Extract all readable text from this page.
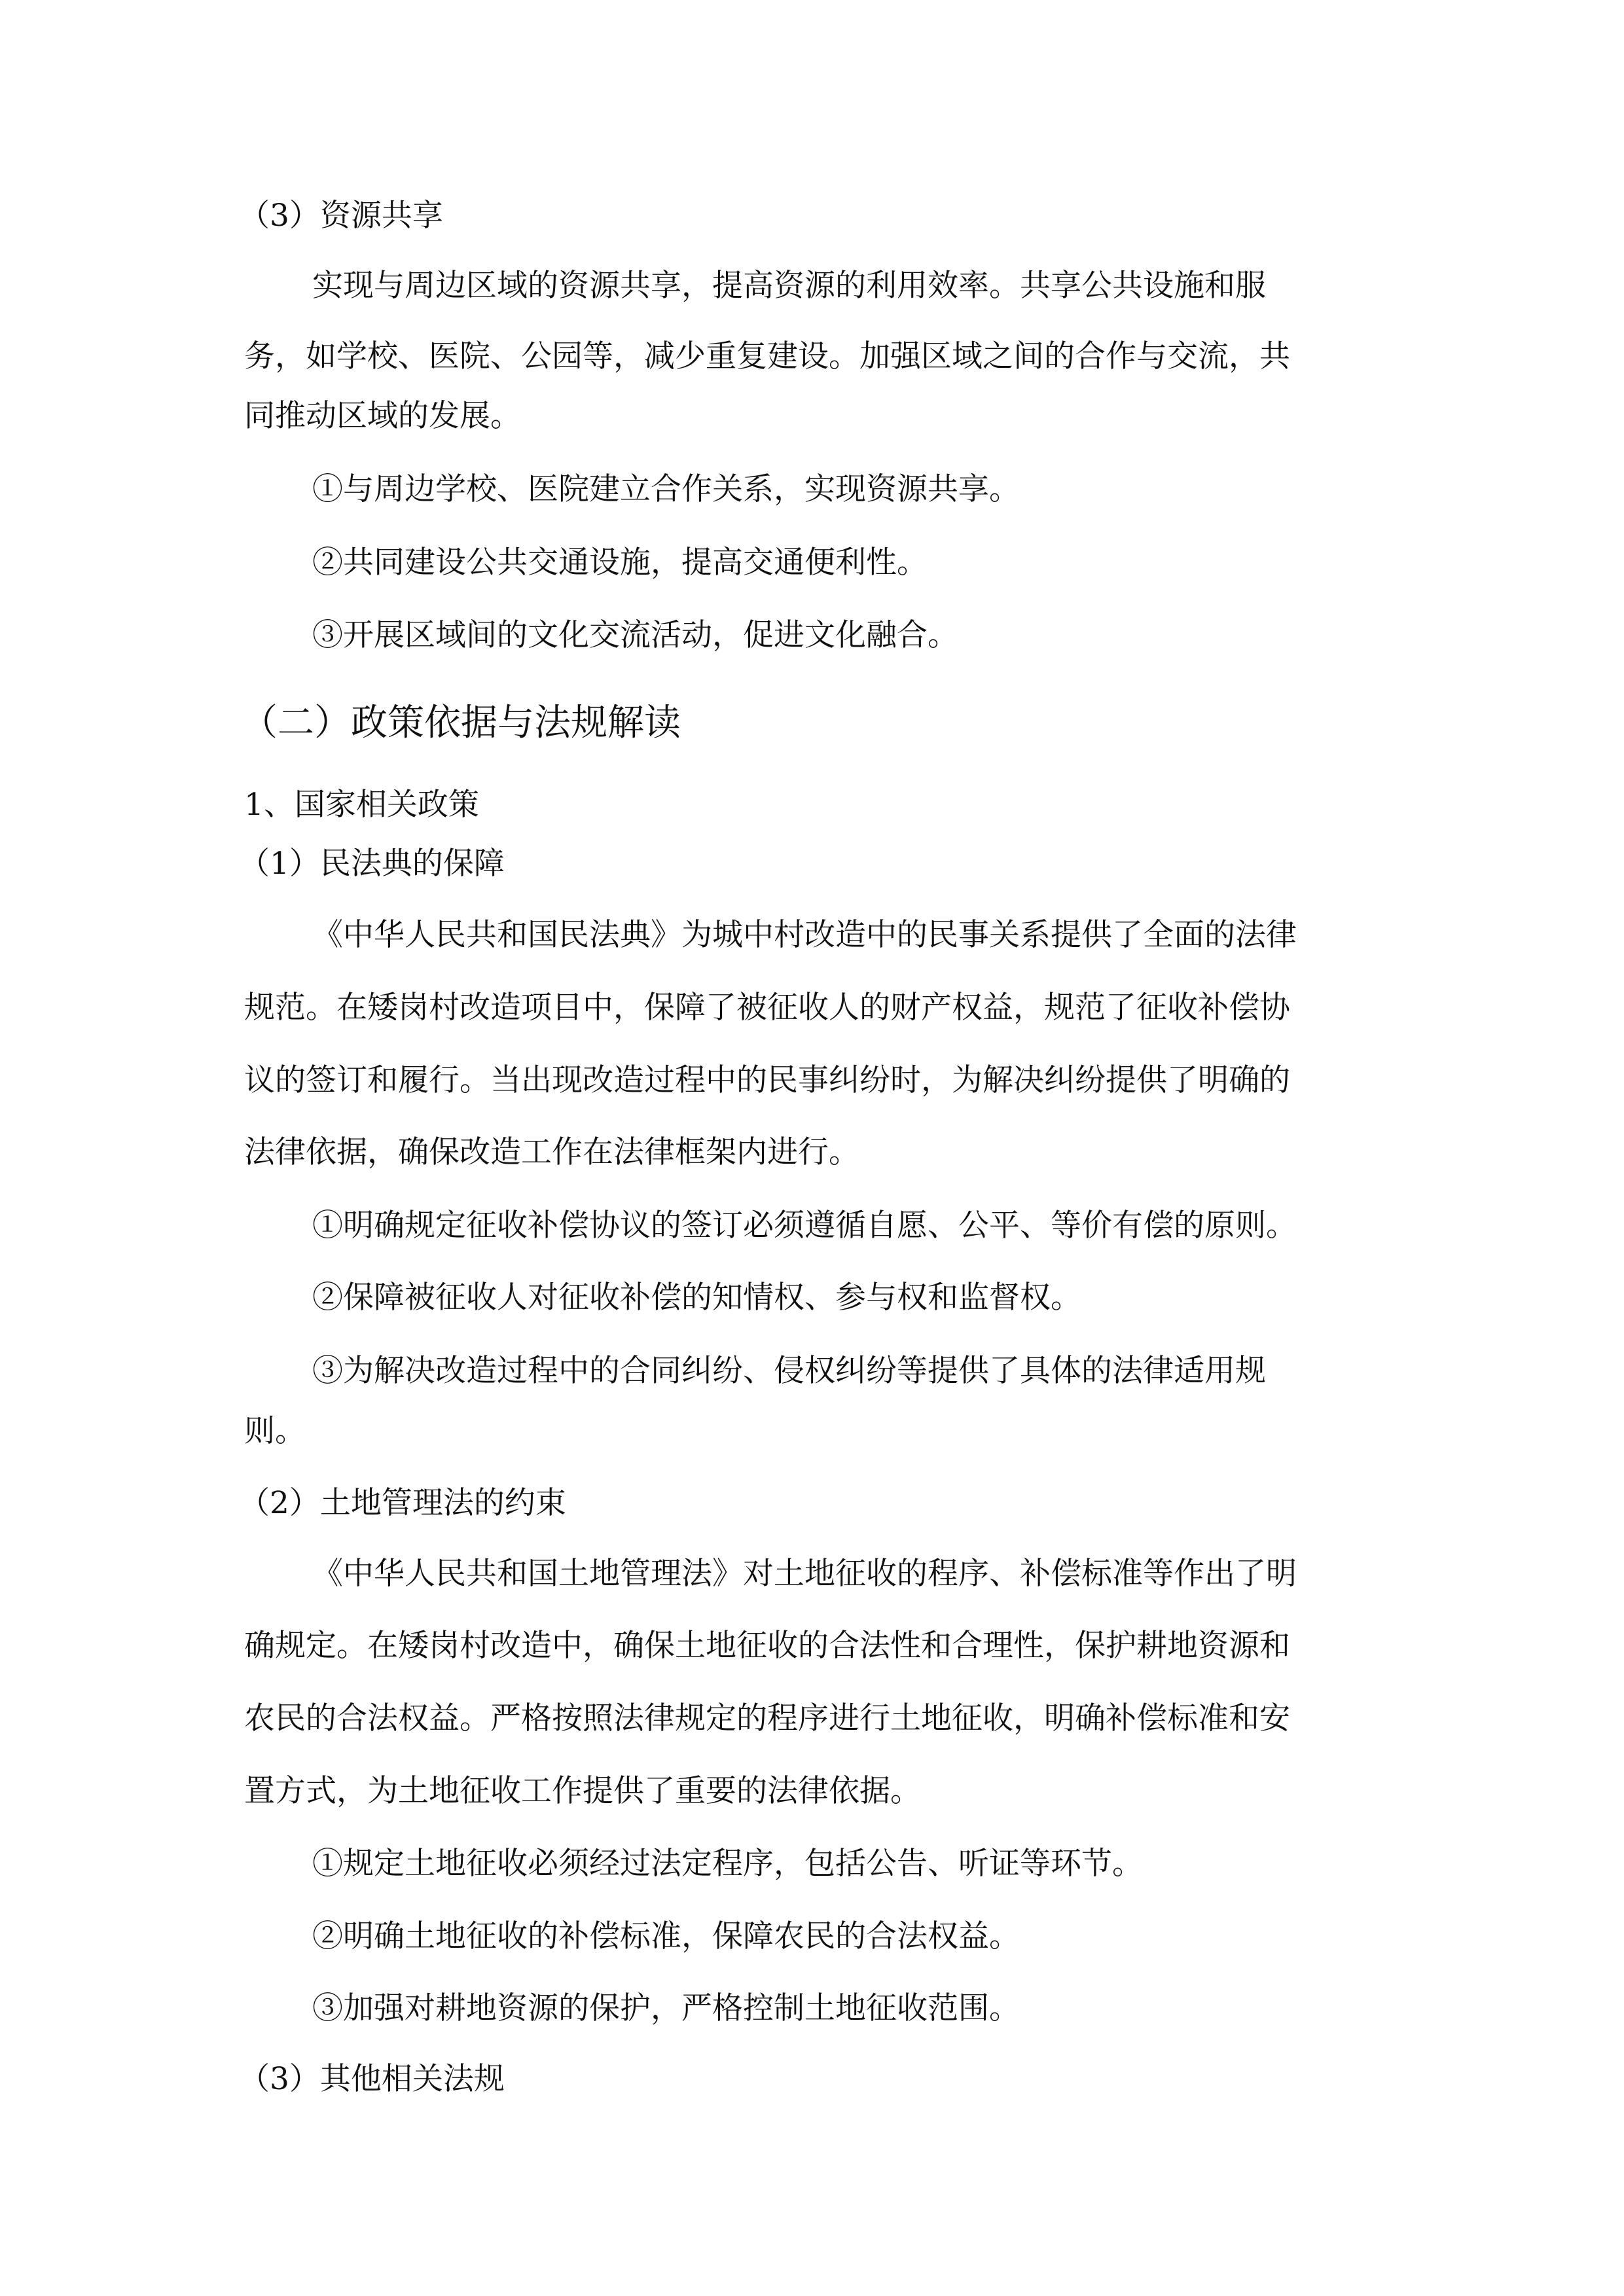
（3）资源共享

实现与周边区域的资源共享，提高资源的利用效率。共享公共设施和服

务，如学校、医院、公园等，减少重复建设。加强区域之间的合作与交流，共

同推动区域的发展。

①与周边学校、医院建立合作关系，实现资源共享。

②共同建设公共交通设施，提高交通便利性。

③开展区域间的文化交流活动，促进文化融合。

（二）政策依据与法规解读

1、国家相关政策

（1）民法典的保障

《中华人民共和国民法典》为城中村改造中的民事关系提供了全面的法律

规范。在矮岗村改造项目中，保障了被征收人的财产权益，规范了征收补偿协

议的签订和履行。当出现改造过程中的民事纠纷时，为解决纠纷提供了明确的

法律依据，确保改造工作在法律框架内进行。

①明确规定征收补偿协议的签订必须遵循自愿、公平、等价有偿的原则。

②保障被征收人对征收补偿的知情权、参与权和监督权。

③为解决改造过程中的合同纠纷、侵权纠纷等提供了具体的法律适用规

则。

（2）土地管理法的约束

《中华人民共和国土地管理法》对土地征收的程序、补偿标准等作出了明

确规定。在矮岗村改造中，确保土地征收的合法性和合理性，保护耕地资源和

农民的合法权益。严格按照法律规定的程序进行土地征收，明确补偿标准和安

置方式，为土地征收工作提供了重要的法律依据。

①规定土地征收必须经过法定程序，包括公告、听证等环节。

②明确土地征收的补偿标准，保障农民的合法权益。

③加强对耕地资源的保护，严格控制土地征收范围。

（3）其他相关法规
